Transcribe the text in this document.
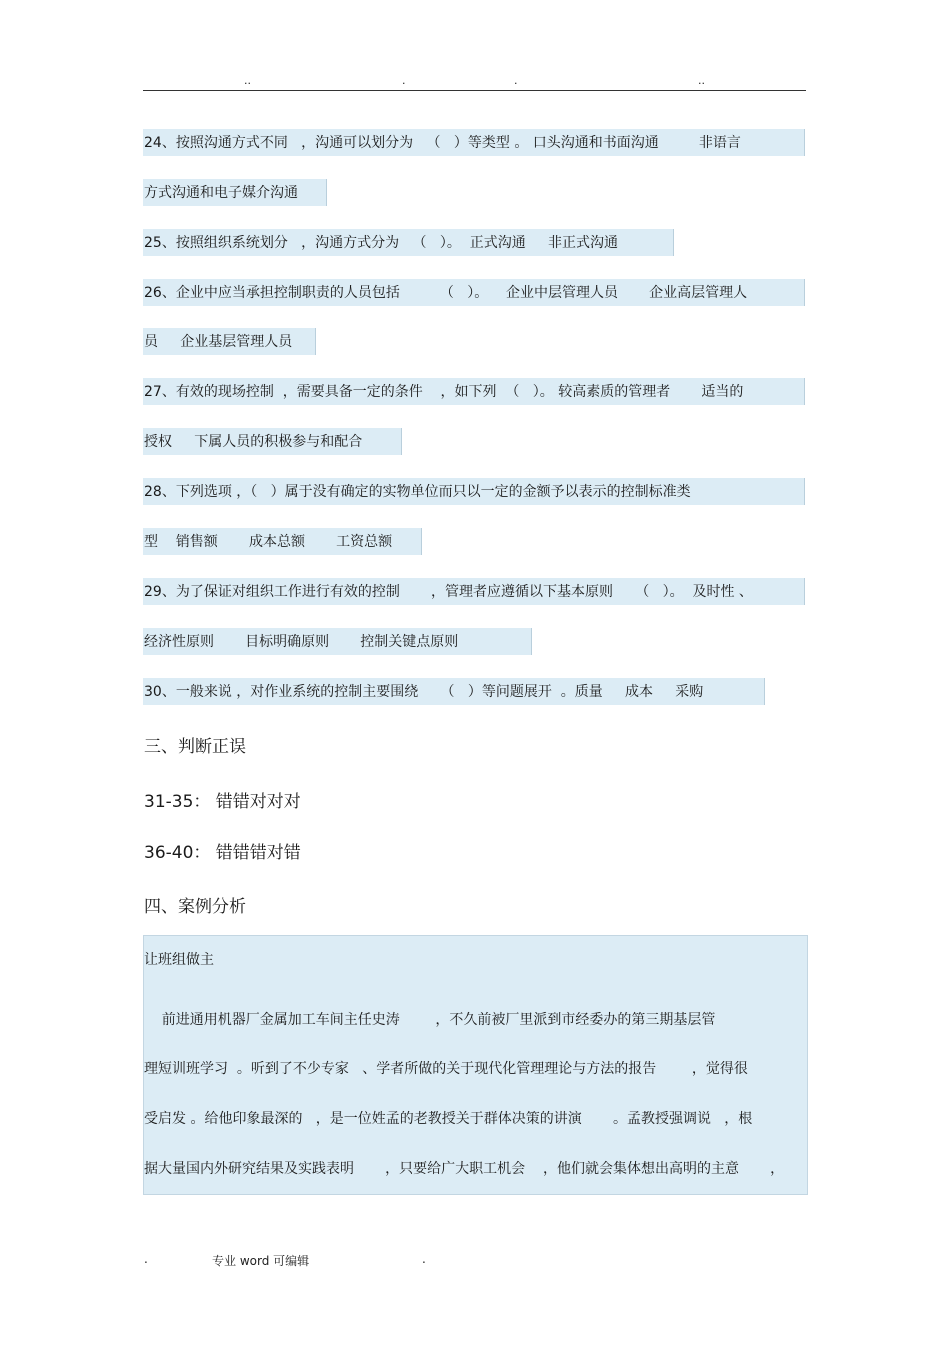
..	.	.	..
24、按照沟通方式不同   ，沟通可以划分为   （   ）等类型 。 口头沟通和书面沟通         非语言
方式沟通和电子媒介沟通
25、按照组织系统划分   ，沟通方式分为   （   ）。  正式沟通     非正式沟通
26、企业中应当承担控制职责的人员包括         （   ）。    企业中层管理人员       企业高层管理人
员     企业基层管理人员
27、有效的现场控制  ，需要具备一定的条件    ，如下列  （   ）。 较高素质的管理者       适当的
授权     下属人员的积极参与和配合
28、下列选项 ，（   ）属于没有确定的实物单位而只以一定的金额予以表示的控制标准类
型    销售额       成本总额       工资总额
29、为了保证对组织工作进行有效的控制       ，管理者应遵循以下基本原则     （   ）。  及时性 、
经济性原则       目标明确原则       控制关键点原则
30、一般来说 ，对作业系统的控制主要围绕     （   ）等问题展开  。质量     成本     采购
三、判断正误
31-35： 错错对对对
36-40： 错错错对错
四、案例分析
让班组做主
前进通用机器厂金属加工车间主任史涛        ，不久前被厂里派到市经委办的第三期基层管
理短训班学习  。听到了不少专家   、学者所做的关于现代化管理理论与方法的报告        ，觉得很
受启发 。给他印象最深的   ，是一位姓孟的老教授关于群体决策的讲演       。孟教授强调说   ，根
据大量国内外研究结果及实践表明       ，只要给广大职工机会    ，他们就会集体想出高明的主意       ，
.	专业 word 可编辑	.
